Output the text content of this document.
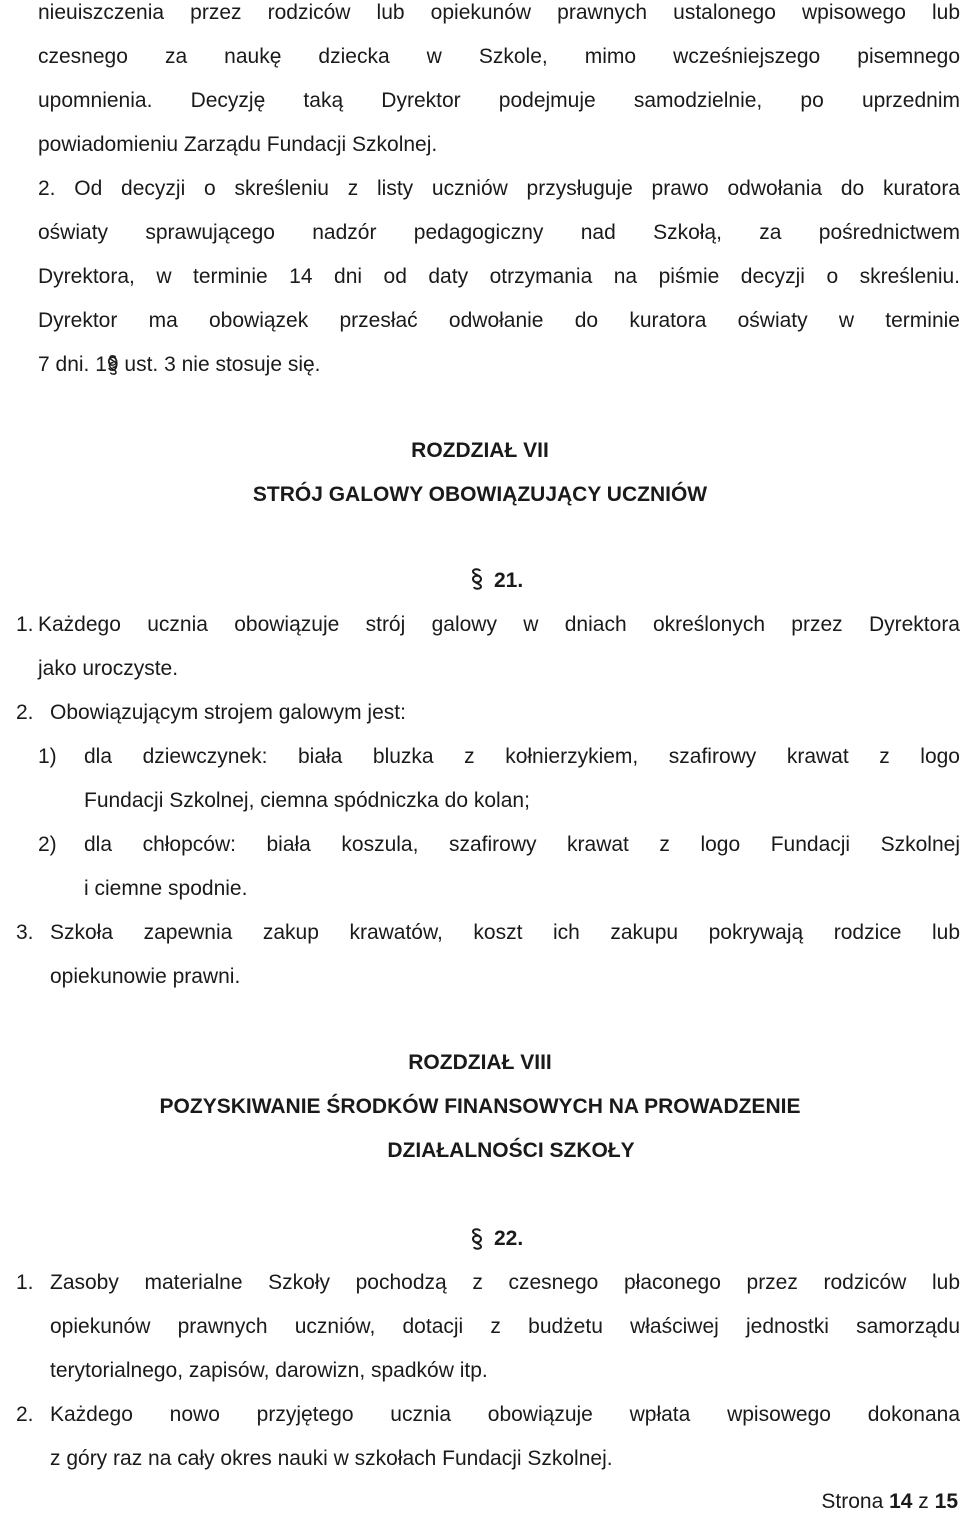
nieuiszczenia przez rodziców lub opiekunów prawnych ustalonego wpisowego lub
czesnego za naukę dziecka w Szkole, mimo wcześniejszego pisemnego
upomnienia. Decyzję taką Dyrektor podejmuje samodzielnie, po uprzednim
powiadomieniu Zarządu Fundacji Szkolnej.
2. Od decyzji o skreśleniu z listy uczniów przysługuje prawo odwołania do kuratora
oświaty sprawującego nadzór pedagogiczny nad Szkołą, za pośrednictwem
Dyrektora, w terminie 14 dni od daty otrzymania na piśmie decyzji o skreśleniu.
Dyrektor ma obowiązek przesłać odwołanie do kuratora oświaty w terminie
7 dni. 19 ust. 3 nie stosuje się.
ROZDZIAŁ VII
STRÓJ GALOWY OBOWIĄZUJĄCY UCZNIÓW
21.
1. Każdego ucznia obowiązuje strój galowy w dniach określonych przez Dyrektora
jako uroczyste.
2. Obowiązującym strojem galowym jest:
1) dla dziewczynek: biała bluzka z kołnierzykiem, szafirowy krawat z logo
Fundacji Szkolnej, ciemna spódniczka do kolan;
2) dla chłopców: biała koszula, szafirowy krawat z logo Fundacji Szkolnej
i ciemne spodnie.
3. Szkoła zapewnia zakup krawatów, koszt ich zakupu pokrywają rodzice lub
opiekunowie prawni.
ROZDZIAŁ VIII
POZYSKIWANIE ŚRODKÓW FINANSOWYCH NA PROWADZENIE
DZIAŁALNOŚCI SZKOŁY
22.
1. Zasoby materialne Szkoły pochodzą z czesnego płaconego przez rodziców lub
opiekunów prawnych uczniów, dotacji z budżetu właściwej jednostki samorządu
terytorialnego, zapisów, darowizn, spadków itp.
2. Każdego nowo przyjętego ucznia obowiązuje wpłata wpisowego dokonana
z góry raz na cały okres nauki w szkołach Fundacji Szkolnej.
Strona 14 z 15
